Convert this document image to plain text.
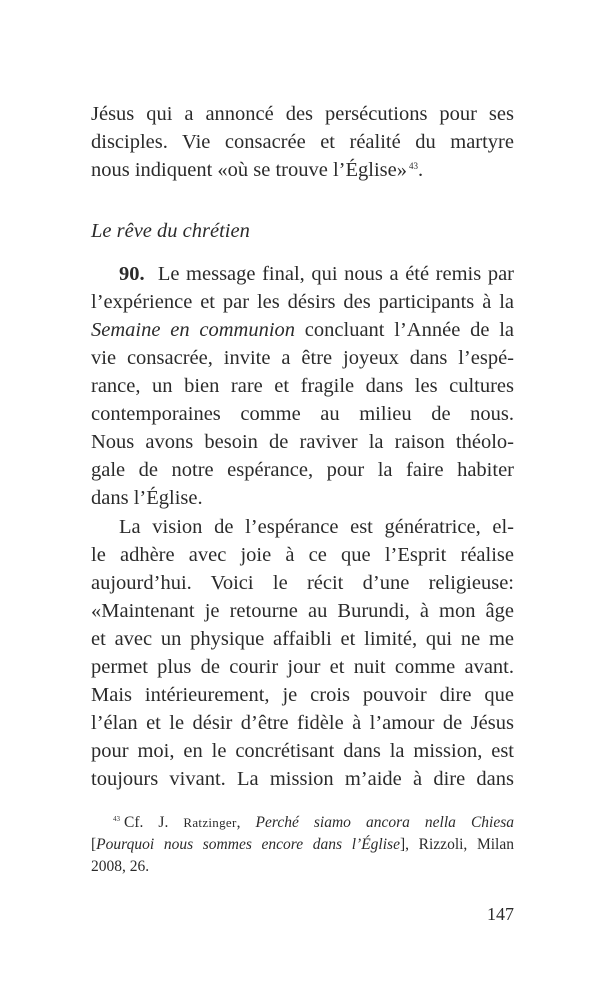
Jésus qui a annoncé des persécutions pour ses
disciples. Vie consacrée et réalité du martyre
nous indiquent «où se trouve l’Église» $^{43}$.
Le rêve du chrétien
90. Le message final, qui nous a été remis par
l’expérience et par les désirs des participants à la
Semaine en communion concluant l’Année de la
vie consacrée, invite a être joyeux dans l’espé-
rance, un bien rare et fragile dans les cultures
contemporaines comme au milieu de nous.
Nous avons besoin de raviver la raison théolo-
gale de notre espérance, pour la faire habiter
dans l’Église.
La vision de l’espérance est génératrice, el-
le adhère avec joie à ce que l’Esprit réalise
aujourd’hui. Voici le récit d’une religieuse:
«Maintenant je retourne au Burundi, à mon âge
et avec un physique affaibli et limité, qui ne me
permet plus de courir jour et nuit comme avant.
Mais intérieurement, je crois pouvoir dire que
l’élan et le désir d’être fidèle à l’amour de Jésus
pour moi, en le concrétisant dans la mission, est
toujours vivant. La mission m’aide à dire dans
$^{43}$ Cf. J. Ratzinger, Perché siamo ancora nella Chiesa
[Pourquoi nous sommes encore dans l’Église], Rizzoli, Milan
2008, 26.
147
